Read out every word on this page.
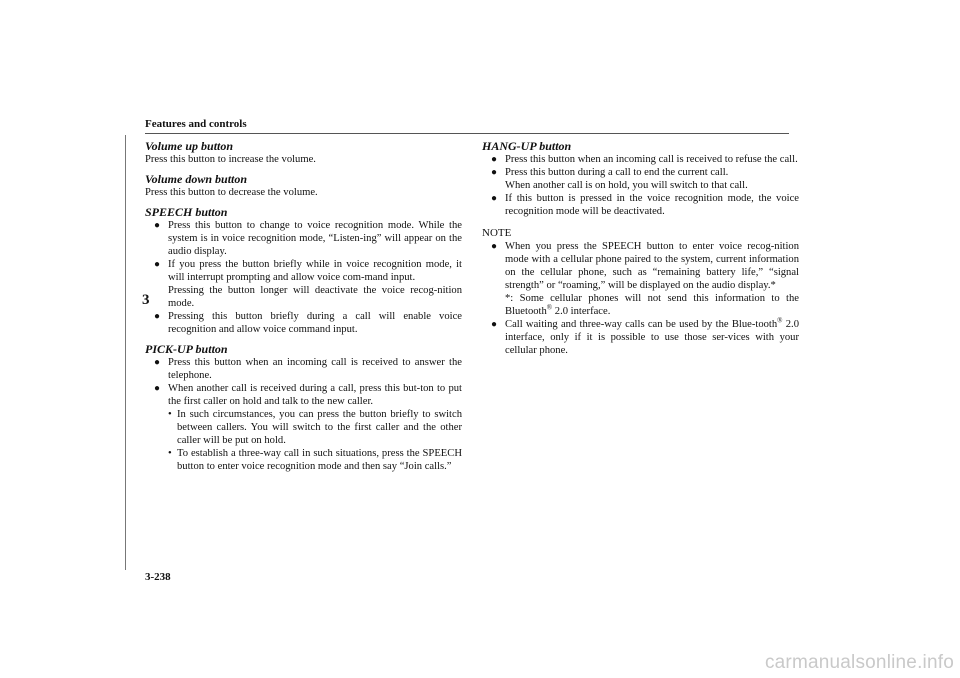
Features and controls
3

Volume up button

Press this button to increase the volume.

Volume down button

Press this button to decrease the volume.

SPEECH button

● Press this button to change to voice recognition mode. While the system is in voice recognition mode, “Listen-ing” will appear on the audio display.
● If you press the button briefly while in voice recognition mode, it will interrupt prompting and allow voice com-mand input.
Pressing the button longer will deactivate the voice recog-nition mode.
● Pressing this button briefly during a call will enable voice recognition and allow voice command input.

PICK-UP button

● Press this button when an incoming call is received to answer the telephone.
● When another call is received during a call, press this but-ton to put the first caller on hold and talk to the new caller.
• In such circumstances, you can press the button briefly to switch between callers. You will switch to the first caller and the other caller will be put on hold.
• To establish a three-way call in such situations, press the SPEECH button to enter voice recognition mode and then say “Join calls.”

HANG-UP button

● Press this button when an incoming call is received to refuse the call.
● Press this button during a call to end the current call.
When another call is on hold, you will switch to that call.
● If this button is pressed in the voice recognition mode, the voice recognition mode will be deactivated.

NOTE

● When you press the SPEECH button to enter voice recog-nition mode with a cellular phone paired to the system, current information on the cellular phone, such as “remaining battery life,” “signal strength” or “roaming,” will be displayed on the audio display.*
*: Some cellular phones will not send this information to the Bluetooth® 2.0 interface.
● Call waiting and three-way calls can be used by the Blue-tooth® 2.0 interface, only if it is possible to use those ser-vices with your cellular phone.
3-238
carmanualsonline.info
